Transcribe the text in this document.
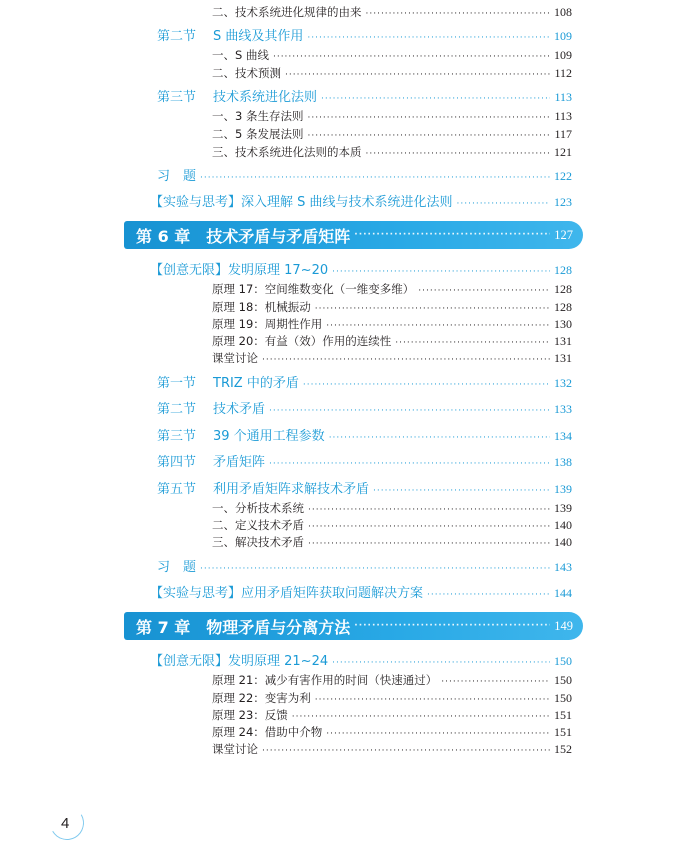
二、技术系统进化规律的由来 ·····	108
第二节 S 曲线及其作用 ·····	109
一、S 曲线 ·····	109
二、技术预测 ·····	112
第三节 技术系统进化法则 ·····	113
一、3 条生存法则 ·····	113
二、5 条发展法则 ·····	117
三、技术系统进化法则的本质 ·····	121
习　题 ·····	122
【实验与思考】深入理解 S 曲线与技术系统进化法则 ·····	123
第 6 章 技术矛盾与矛盾矩阵 ·····	127
【创意无限】发明原理 17~20 ·····	128
原理 17：空间维数变化（一维变多维） ·····	128
原理 18：机械振动 ·····	128
原理 19：周期性作用 ·····	130
原理 20：有益（效）作用的连续性 ·····	131
课堂讨论 ·····	131
第一节 TRIZ 中的矛盾 ·····	132
第二节 技术矛盾 ·····	133
第三节 39 个通用工程参数 ·····	134
第四节 矛盾矩阵 ·····	138
第五节 利用矛盾矩阵求解技术矛盾 ·····	139
一、分析技术系统 ·····	139
二、定义技术矛盾 ·····	140
三、解决技术矛盾 ·····	140
习　题 ·····	143
【实验与思考】应用矛盾矩阵获取问题解决方案 ·····	144
第 7 章 物理矛盾与分离方法 ·····	149
【创意无限】发明原理 21~24 ·····	150
原理 21：减少有害作用的时间（快速通过） ·····	150
原理 22：变害为利 ·····	150
原理 23：反馈 ·····	151
原理 24：借助中介物 ·····	151
课堂讨论 ·····	152
4
